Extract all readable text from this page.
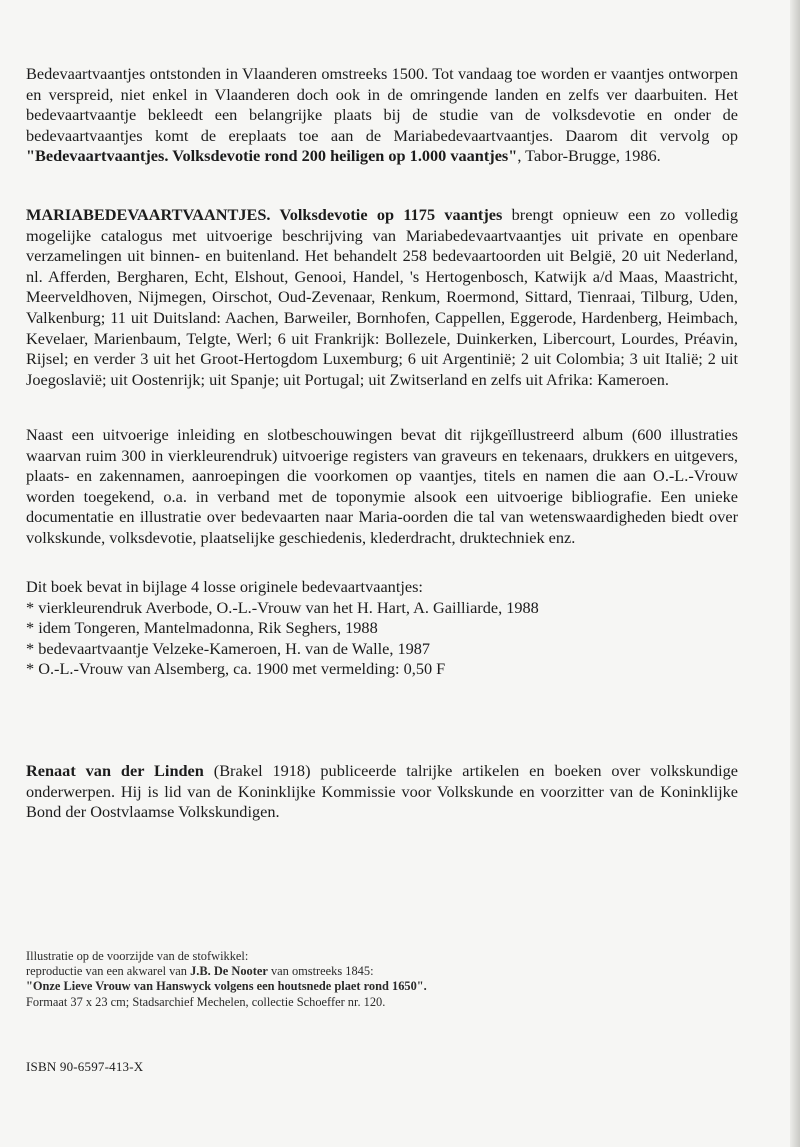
Bedevaartvaantjes ontstonden in Vlaanderen omstreeks 1500. Tot vandaag toe worden er vaantjes ontworpen en verspreid, niet enkel in Vlaanderen doch ook in de omringende landen en zelfs ver daarbuiten. Het bedevaartvaantje bekleedt een belangrijke plaats bij de studie van de volksdevotie en onder de bedevaartvaantjes komt de ereplaats toe aan de Mariabedevaartvaantjes. Daarom dit vervolg op "Bedevaartvaantjes. Volksdevotie rond 200 heiligen op 1.000 vaantjes", Tabor-Brugge, 1986.

MARIABEDEVAARTVAANTJES. Volksdevotie op 1175 vaantjes brengt opnieuw een zo volledig mogelijke catalogus met uitvoerige beschrijving van Mariabedevaartvaantjes uit private en openbare verzamelingen uit binnen- en buitenland. Het behandelt 258 bedevaartoorden uit België, 20 uit Nederland, nl. Afferden, Bergharen, Echt, Elshout, Genooi, Handel, 's Hertogenbosch, Katwijk a/d Maas, Maastricht, Meerveldhoven, Nijmegen, Oirschot, Oud-Zevenaar, Renkum, Roermond, Sittard, Tienraai, Tilburg, Uden, Valkenburg; 11 uit Duitsland: Aachen, Barweiler, Bornhofen, Cappellen, Eggerode, Hardenberg, Heimbach, Kevelaer, Marienbaum, Telgte, Werl; 6 uit Frankrijk: Bollezele, Duinkerken, Libercourt, Lourdes, Préavin, Rijsel; en verder 3 uit het Groot-Hertogdom Luxemburg; 6 uit Argentinië; 2 uit Colombia; 3 uit Italië; 2 uit Joegoslavië; uit Oostenrijk; uit Spanje; uit Portugal; uit Zwitserland en zelfs uit Afrika: Kameroen.

Naast een uitvoerige inleiding en slotbeschouwingen bevat dit rijkgeïllustreerd album (600 illustraties waarvan ruim 300 in vierkleurendruk) uitvoerige registers van graveurs en tekenaars, drukkers en uitgevers, plaats- en zakennamen, aanroepingen die voorkomen op vaantjes, titels en namen die aan O.-L.-Vrouw worden toegekend, o.a. in verband met de toponymie alsook een uitvoerige bibliografie. Een unieke documentatie en illustratie over bedevaarten naar Maria-oorden die tal van wetenswaardigheden biedt over volkskunde, volksdevotie, plaatselijke geschiedenis, klederdracht, druktechniek enz.

Dit boek bevat in bijlage 4 losse originele bedevaartvaantjes:

* vierkleurendruk Averbode, O.-L.-Vrouw van het H. Hart, A. Gailliarde, 1988
* idem Tongeren, Mantelmadonna, Rik Seghers, 1988
* bedevaartvaantje Velzeke-Kameroen, H. van de Walle, 1987
* O.-L.-Vrouw van Alsemberg, ca. 1900 met vermelding: 0,50 F

Renaat van der Linden (Brakel 1918) publiceerde talrijke artikelen en boeken over volkskundige onderwerpen. Hij is lid van de Koninklijke Kommissie voor Volkskunde en voorzitter van de Koninklijke Bond der Oostvlaamse Volkskundigen.

Illustratie op de voorzijde van de stofwikkel:

reproductie van een akwarel van J.B. De Nooter van omstreeks 1845:

"Onze Lieve Vrouw van Hanswyck volgens een houtsnede plaet rond 1650".

Formaat 37 x 23 cm; Stadsarchief Mechelen, collectie Schoeffer nr. 120.

ISBN 90-6597-413-X
